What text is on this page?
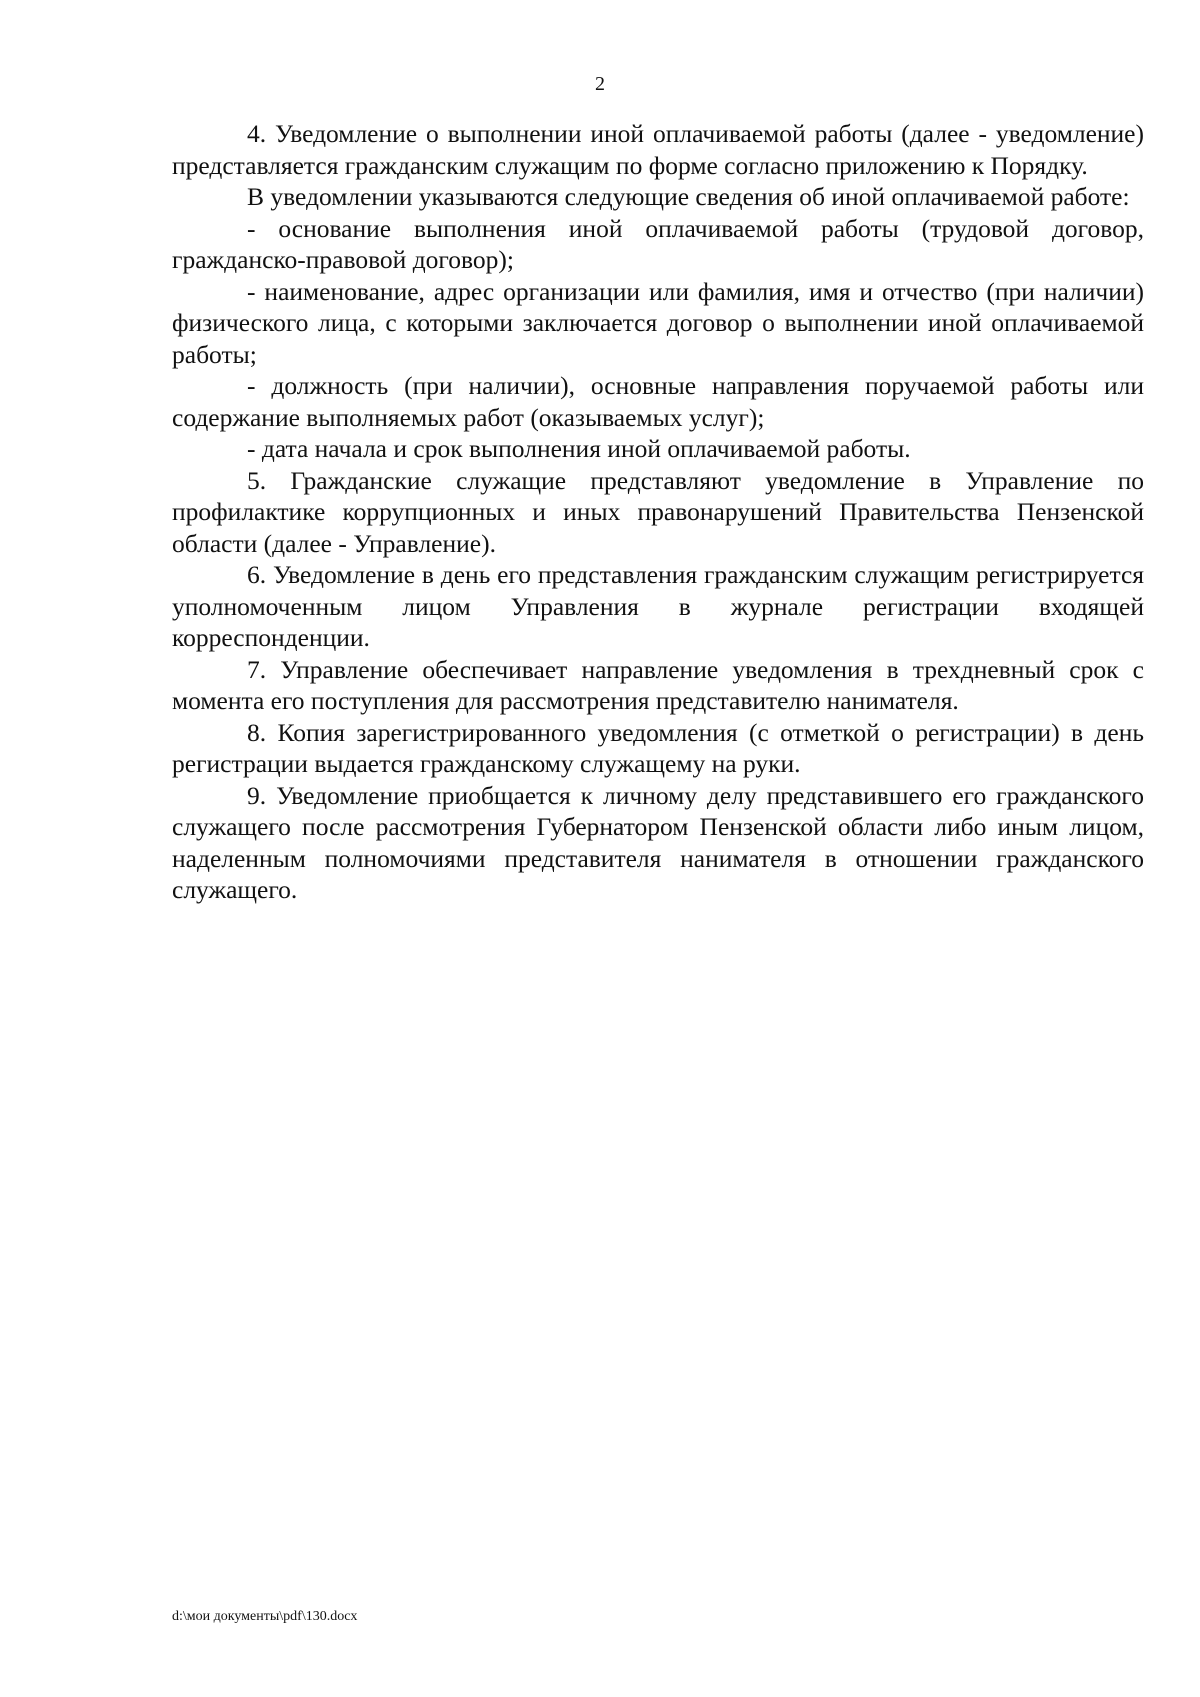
2

4. Уведомление о выполнении иной оплачиваемой работы (далее - уведомление) представляется гражданским служащим по форме согласно приложению к Порядку.

В уведомлении указываются следующие сведения об иной оплачиваемой работе:

- основание выполнения иной оплачиваемой работы (трудовой договор, гражданско-правовой договор);

- наименование, адрес организации или фамилия, имя и отчество (при наличии) физического лица, с которыми заключается договор о выполнении иной оплачиваемой работы;

- должность (при наличии), основные направления поручаемой работы или содержание выполняемых работ (оказываемых услуг);

- дата начала и срок выполнения иной оплачиваемой работы.

5. Гражданские служащие представляют уведомление в Управление по профилактике коррупционных и иных правонарушений Правительства Пензенской области (далее - Управление).

6. Уведомление в день его представления гражданским служащим регистрируется уполномоченным лицом Управления в журнале регистрации входящей корреспонденции.

7. Управление обеспечивает направление уведомления в трехдневный срок с момента его поступления для рассмотрения представителю нанимателя.

8. Копия зарегистрированного уведомления (с отметкой о регистрации) в день регистрации выдается гражданскому служащему на руки.

9. Уведомление приобщается к личному делу представившего его гражданского служащего после рассмотрения Губернатором Пензенской области либо иным лицом, наделенным полномочиями представителя нанимателя в отношении гражданского служащего.

d:\мои документы\pdf\130.docx
